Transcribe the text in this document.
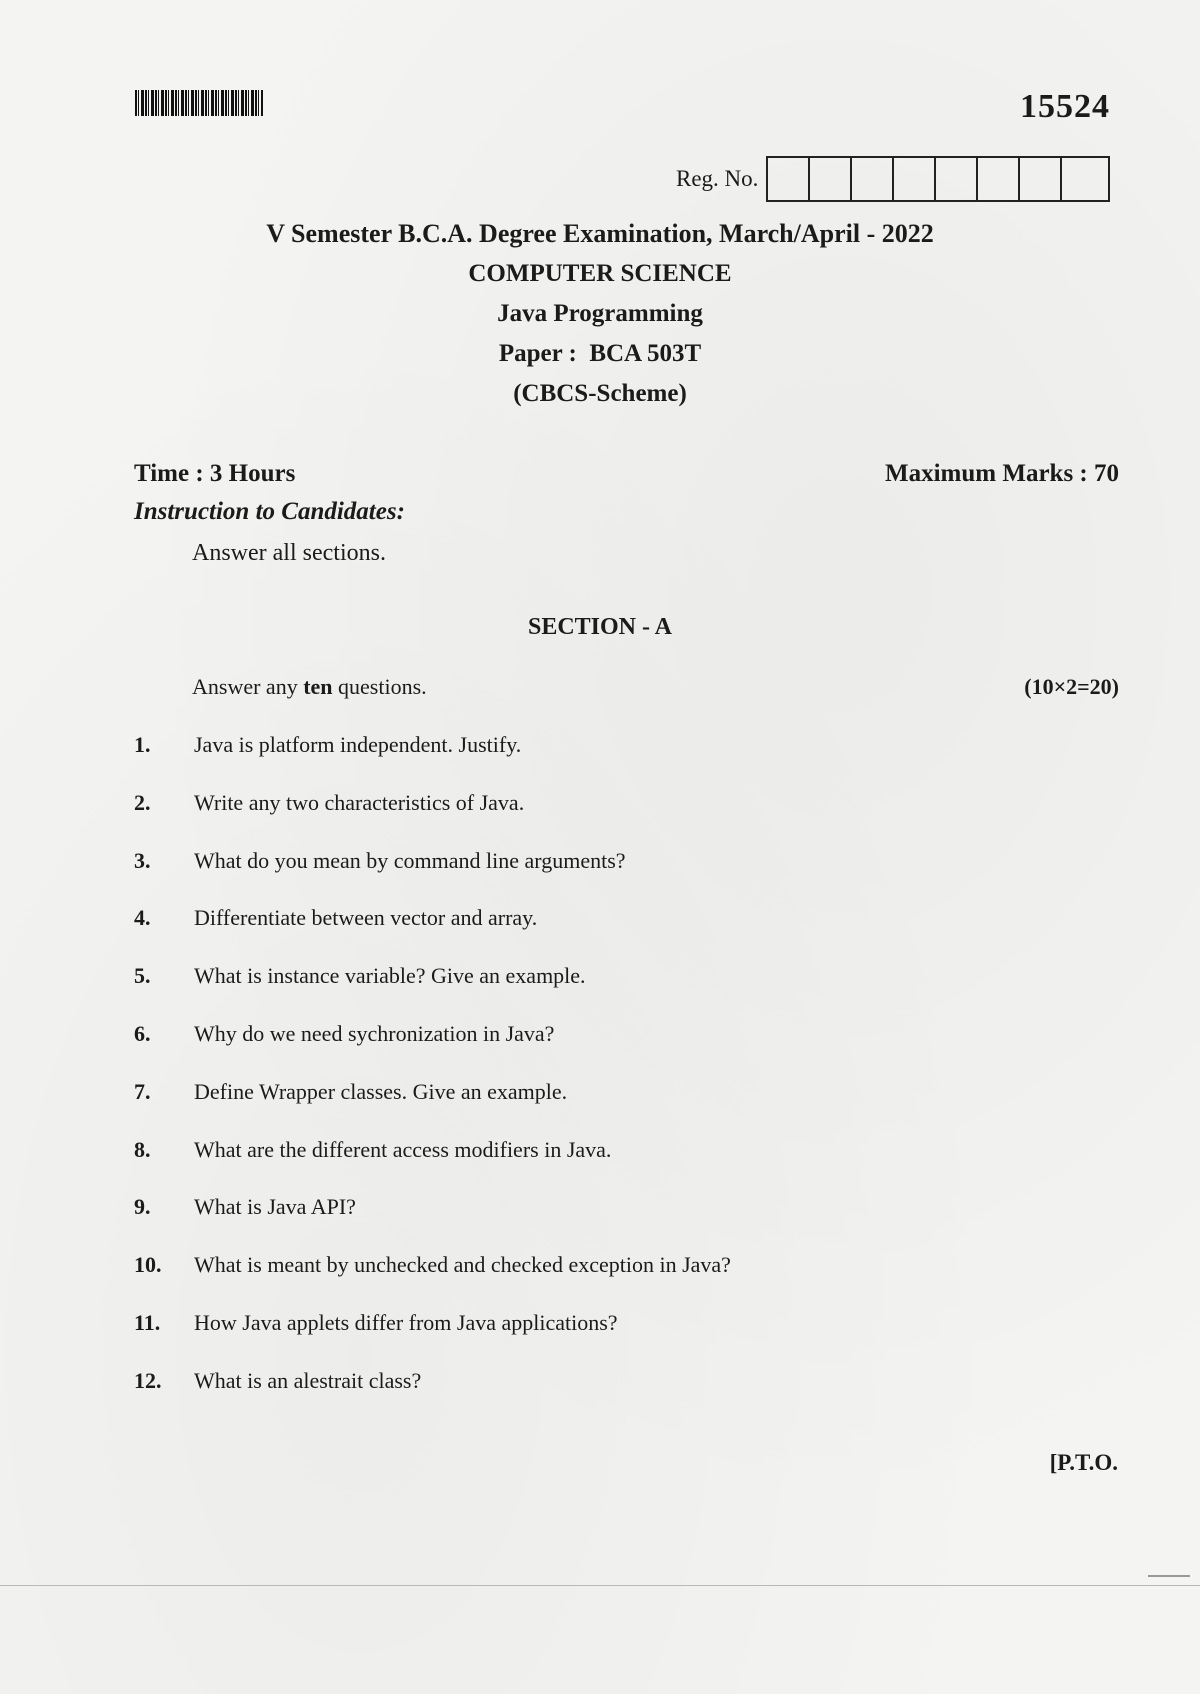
15524
Reg. No.
V Semester B.C.A. Degree Examination, March/April - 2022
COMPUTER SCIENCE
Java Programming
Paper :  BCA 503T
(CBCS-Scheme)
Time : 3 Hours	Maximum Marks : 70
Instruction to Candidates:
Answer all sections.
SECTION - A
Answer any ten questions.	(10×2=20)
1.	Java is platform independent. Justify.
2.	Write any two characteristics of Java.
3.	What do you mean by command line arguments?
4.	Differentiate between vector and array.
5.	What is instance variable? Give an example.
6.	Why do we need sychronization in Java?
7.	Define Wrapper classes. Give an example.
8.	What are the different access modifiers in Java.
9.	What is Java API?
10.	What is meant by unchecked and checked exception in Java?
11.	How Java applets differ from Java applications?
12.	What is an alestrait class?
[P.T.O.
